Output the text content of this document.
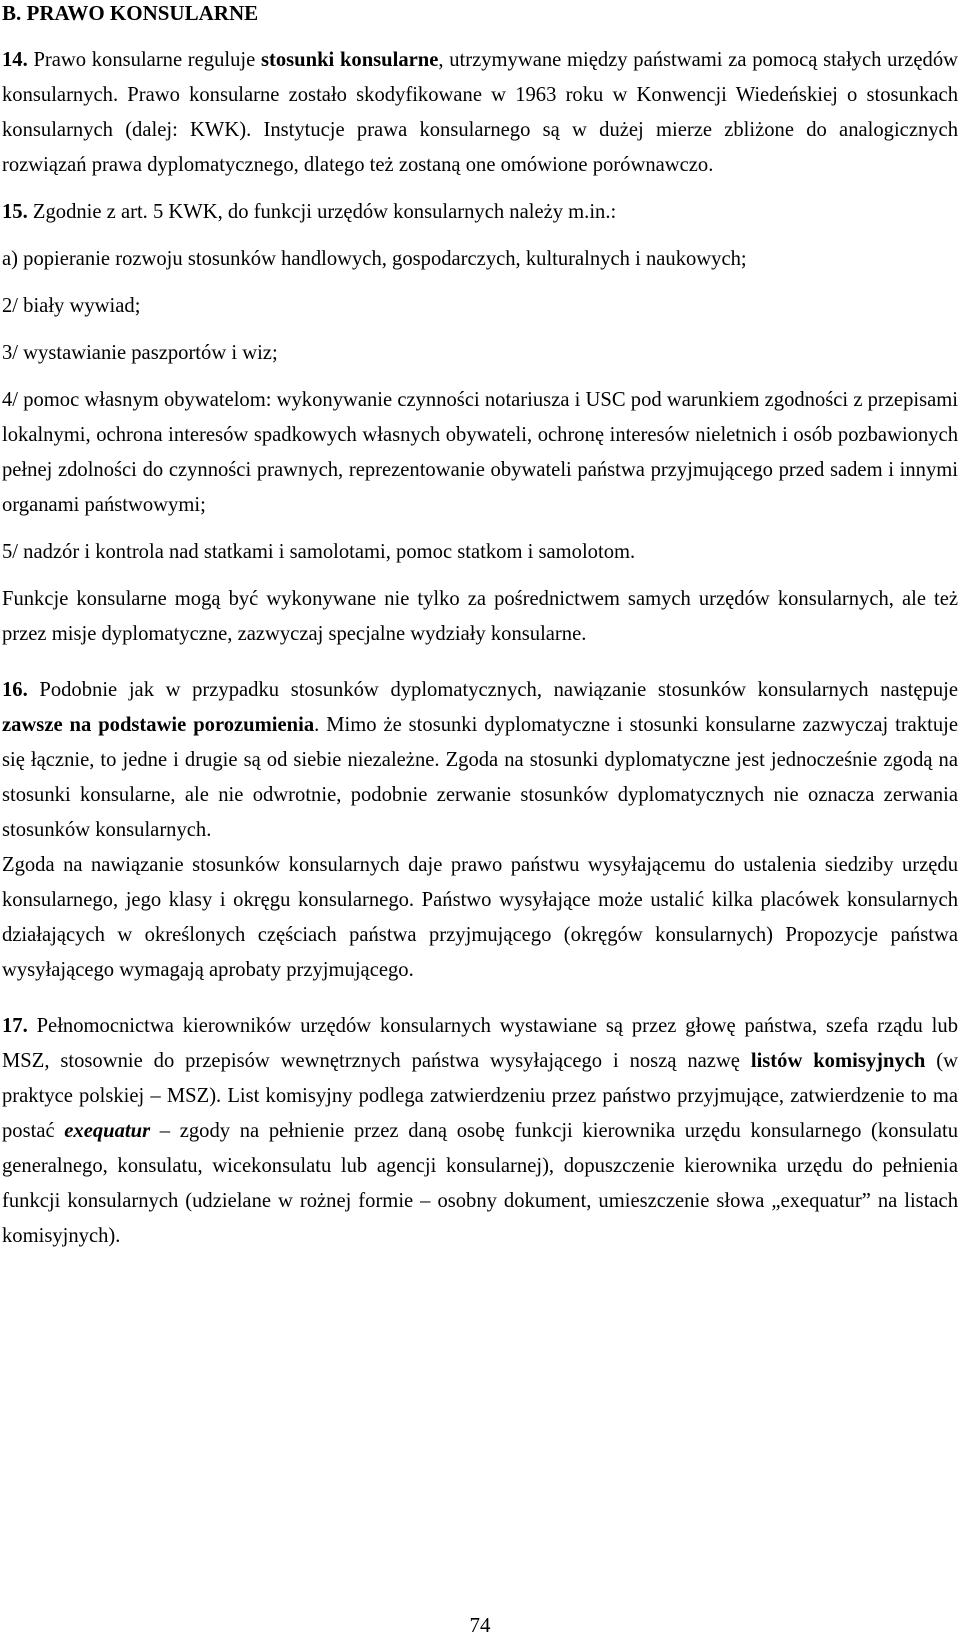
B. PRAWO KONSULARNE

14. Prawo konsularne reguluje stosunki konsularne, utrzymywane między państwami za pomocą stałych urzędów konsularnych. Prawo konsularne zostało skodyfikowane w 1963 roku w Konwencji Wiedeńskiej o stosunkach konsularnych (dalej: KWK). Instytucje prawa konsularnego są w dużej mierze zbliżone do analogicznych rozwiązań prawa dyplomatycznego, dlatego też zostaną one omówione porównawczo.

15. Zgodnie z art. 5 KWK, do funkcji urzędów konsularnych należy m.in.:

a) popieranie rozwoju stosunków handlowych, gospodarczych, kulturalnych i naukowych;

2/ biały wywiad;

3/ wystawianie paszportów i wiz;

4/ pomoc własnym obywatelom: wykonywanie czynności notariusza i USC pod warunkiem zgodności z przepisami lokalnymi, ochrona interesów spadkowych własnych obywateli, ochronę interesów nieletnich i osób pozbawionych pełnej zdolności do czynności prawnych, reprezentowanie obywateli państwa przyjmującego przed sadem i innymi organami państwowymi;

5/ nadzór i kontrola nad statkami i samolotami, pomoc statkom i samolotom.

Funkcje konsularne mogą być wykonywane nie tylko za pośrednictwem samych urzędów konsularnych, ale też przez misje dyplomatyczne, zazwyczaj specjalne wydziały konsularne.

16. Podobnie jak w przypadku stosunków dyplomatycznych, nawiązanie stosunków konsularnych następuje zawsze na podstawie porozumienia. Mimo że stosunki dyplomatyczne i stosunki konsularne zazwyczaj traktuje się łącznie, to jedne i drugie są od siebie niezależne. Zgoda na stosunki dyplomatyczne jest jednocześnie zgodą na stosunki konsularne, ale nie odwrotnie, podobnie zerwanie stosunków dyplomatycznych nie oznacza zerwania stosunków konsularnych.

Zgoda na nawiązanie stosunków konsularnych daje prawo państwu wysyłającemu do ustalenia siedziby urzędu konsularnego, jego klasy i okręgu konsularnego. Państwo wysyłające może ustalić kilka placówek konsularnych działających w określonych częściach państwa przyjmującego (okręgów konsularnych) Propozycje państwa wysyłającego wymagają aprobaty przyjmującego.

17. Pełnomocnictwa kierowników urzędów konsularnych wystawiane są przez głowę państwa, szefa rządu lub MSZ, stosownie do przepisów wewnętrznych państwa wysyłającego i noszą nazwę listów komisyjnych (w praktyce polskiej – MSZ). List komisyjny podlega zatwierdzeniu przez państwo przyjmujące, zatwierdzenie to ma postać exequatur – zgody na pełnienie przez daną osobę funkcji kierownika urzędu konsularnego (konsulatu generalnego, konsulatu, wicekonsulatu lub agencji konsularnej), dopuszczenie kierownika urzędu do pełnienia funkcji konsularnych (udzielane w rożnej formie – osobny dokument, umieszczenie słowa „exequatur” na listach komisyjnych).

74
